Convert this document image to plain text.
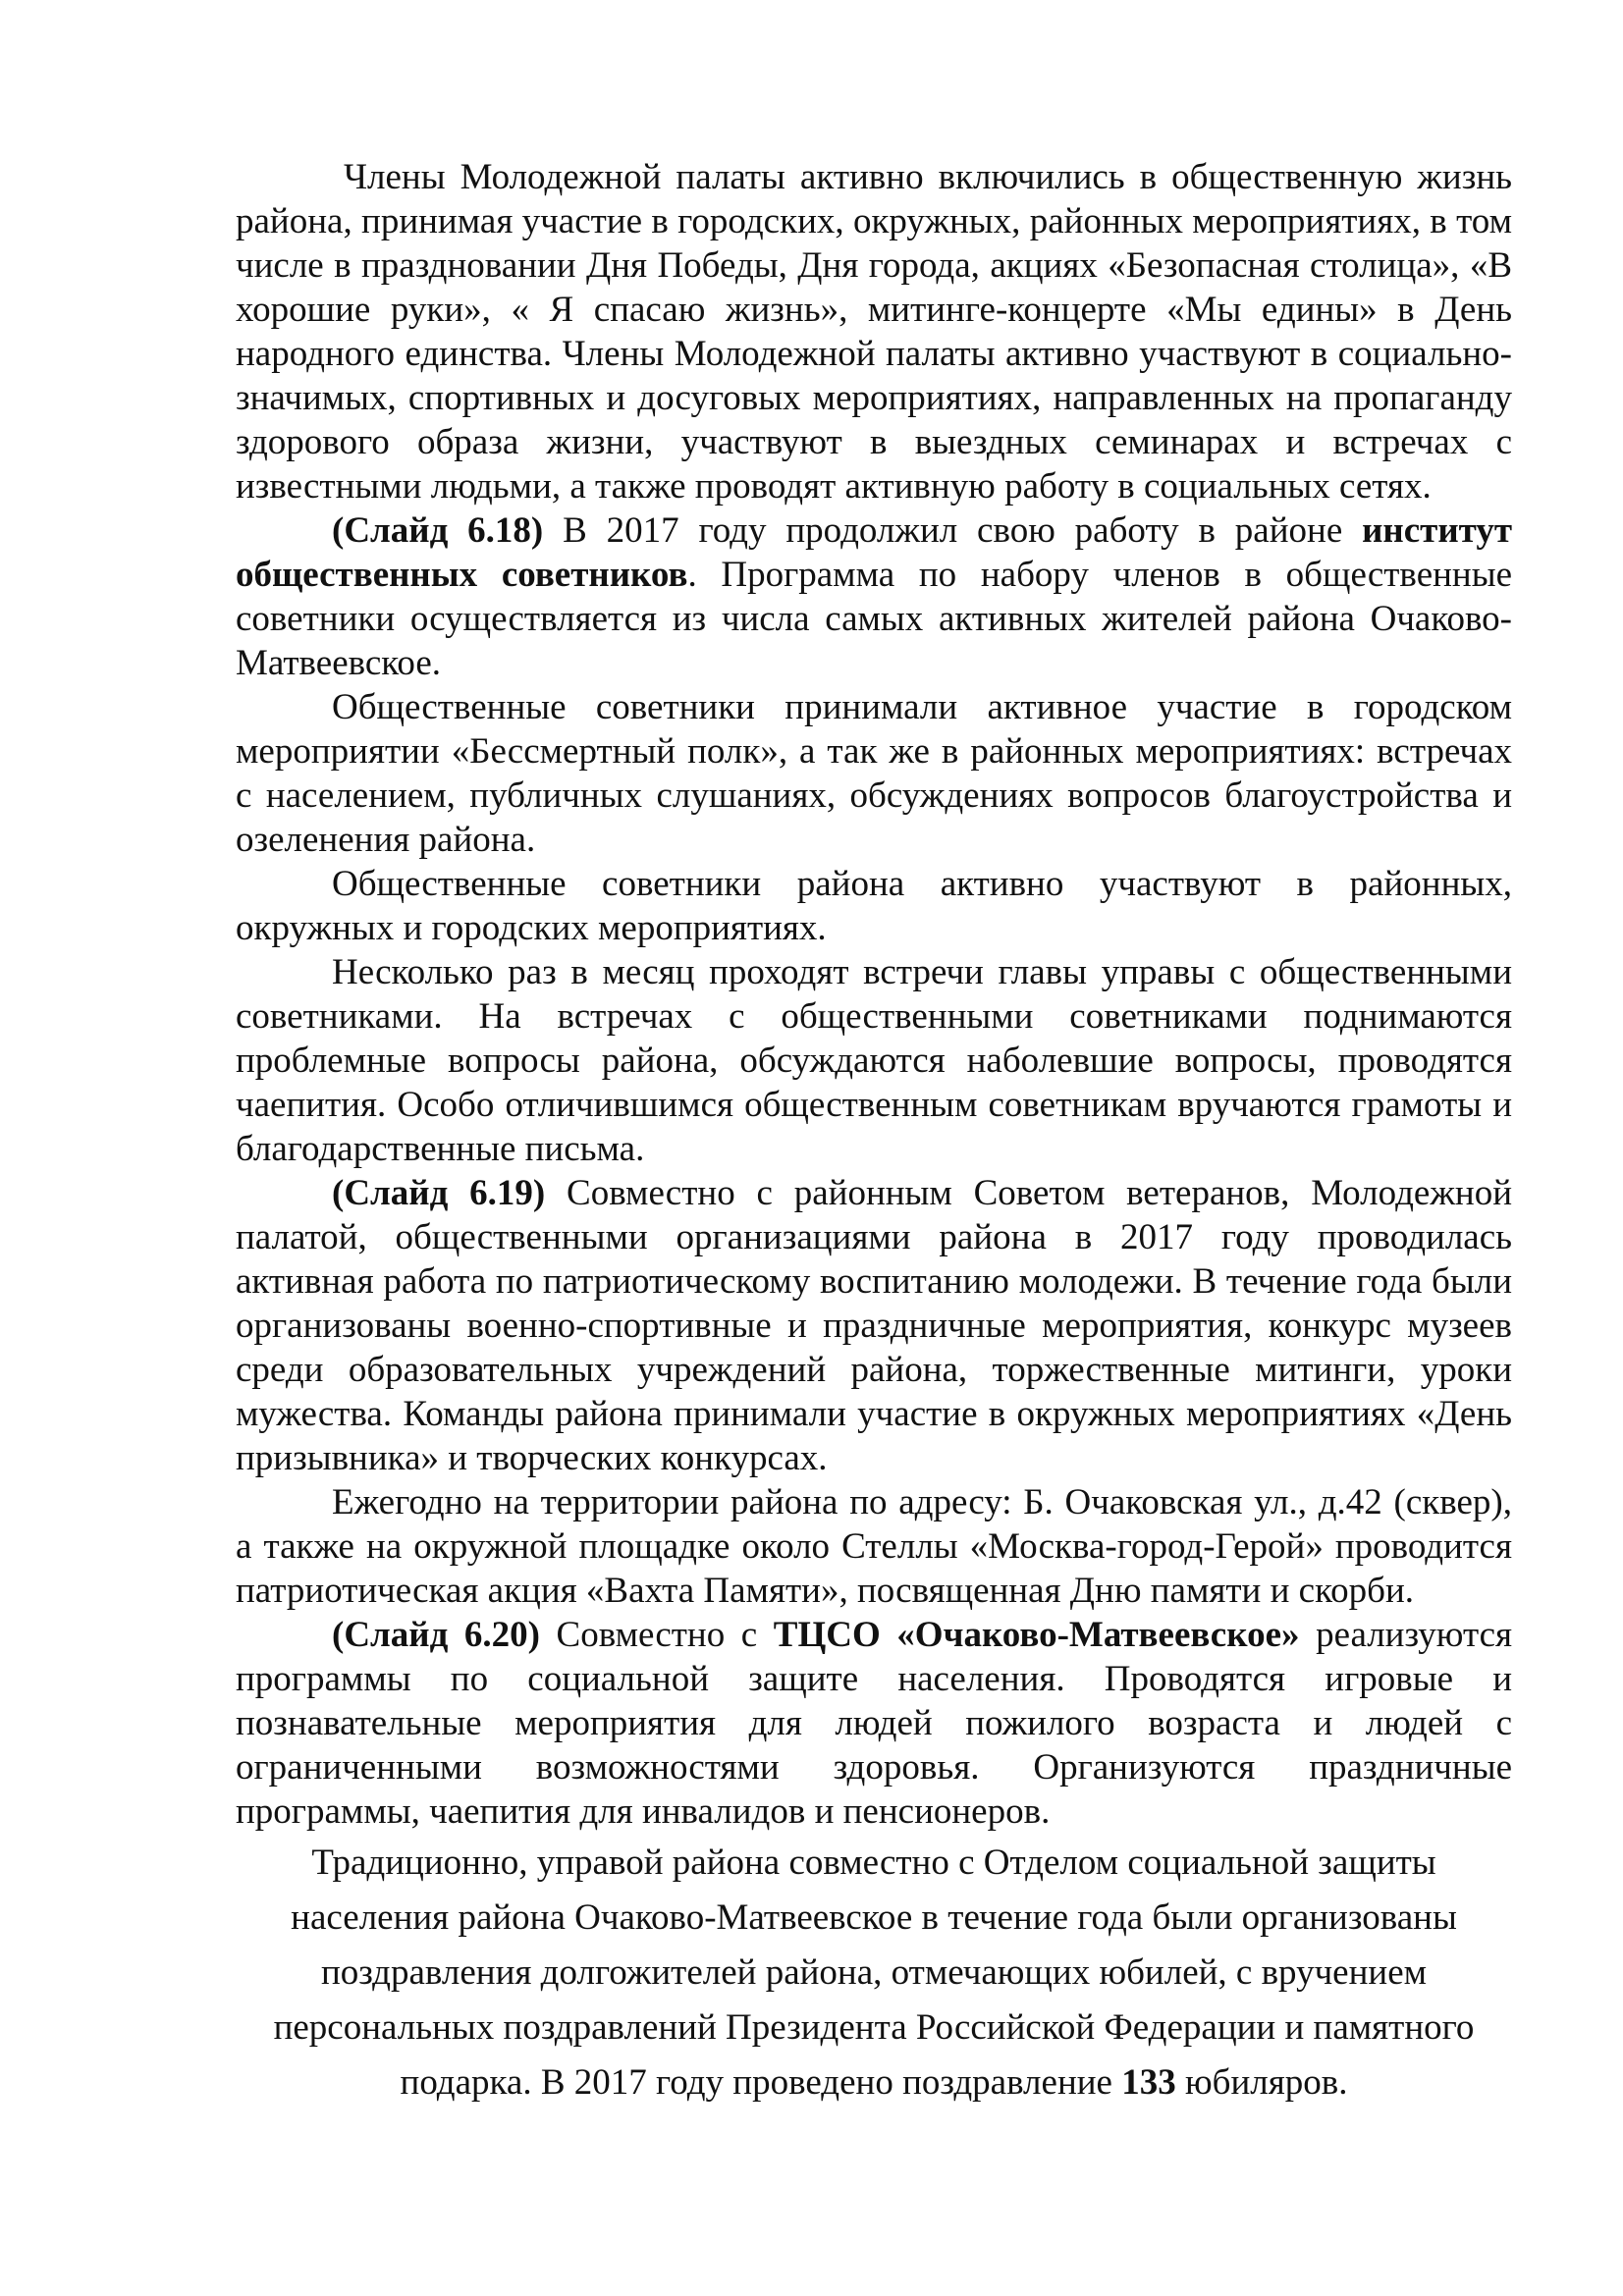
Члены Молодежной палаты активно включились в общественную жизнь района, принимая участие в городских, окружных, районных мероприятиях, в том числе в праздновании Дня Победы, Дня города, акциях «Безопасная столица», «В хорошие руки», « Я спасаю жизнь», митинге-концерте «Мы едины» в День народного единства. Члены Молодежной палаты активно участвуют в социально-значимых, спортивных и досуговых мероприятиях, направленных на пропаганду здорового образа жизни, участвуют в выездных семинарах и встречах с известными людьми, а также проводят активную работу в социальных сетях.

(Слайд 6.18) В 2017 году продолжил свою работу в районе институт общественных советников. Программа по набору членов в общественные советники осуществляется из числа самых активных жителей района Очаково-Матвеевское.

Общественные советники принимали активное участие в городском мероприятии «Бессмертный полк», а так же в районных мероприятиях: встречах с населением, публичных слушаниях, обсуждениях вопросов благоустройства и озеленения района.

Общественные советники района активно участвуют в районных, окружных и городских мероприятиях.

Несколько раз в месяц проходят встречи главы управы с общественными советниками. На встречах с общественными советниками поднимаются проблемные вопросы района, обсуждаются наболевшие вопросы, проводятся чаепития. Особо отличившимся общественным советникам вручаются грамоты и благодарственные письма.

(Слайд 6.19) Совместно с районным Советом ветеранов, Молодежной палатой, общественными организациями района в 2017 году проводилась активная работа по патриотическому воспитанию молодежи. В течение года были организованы военно-спортивные и праздничные мероприятия, конкурс музеев среди образовательных учреждений района, торжественные митинги, уроки мужества. Команды района принимали участие в окружных мероприятиях «День призывника» и творческих конкурсах.

Ежегодно на территории района по адресу: Б. Очаковская ул., д.42 (сквер), а также на окружной площадке около Стеллы «Москва-город-Герой» проводится патриотическая акция «Вахта Памяти», посвященная Дню памяти и скорби.

(Слайд 6.20) Совместно с ТЦСО «Очаково-Матвеевское» реализуются программы по социальной защите населения. Проводятся игровые и познавательные мероприятия для людей пожилого возраста и людей с ограниченными возможностями здоровья. Организуются праздничные программы, чаепития для инвалидов и пенсионеров.

Традиционно, управой района совместно с Отделом социальной защиты населения района Очаково-Матвеевское в течение года были организованы поздравления долгожителей района, отмечающих юбилей, с вручением персональных поздравлений Президента Российской Федерации и памятного подарка. В 2017 году проведено поздравление 133 юбиляров.
